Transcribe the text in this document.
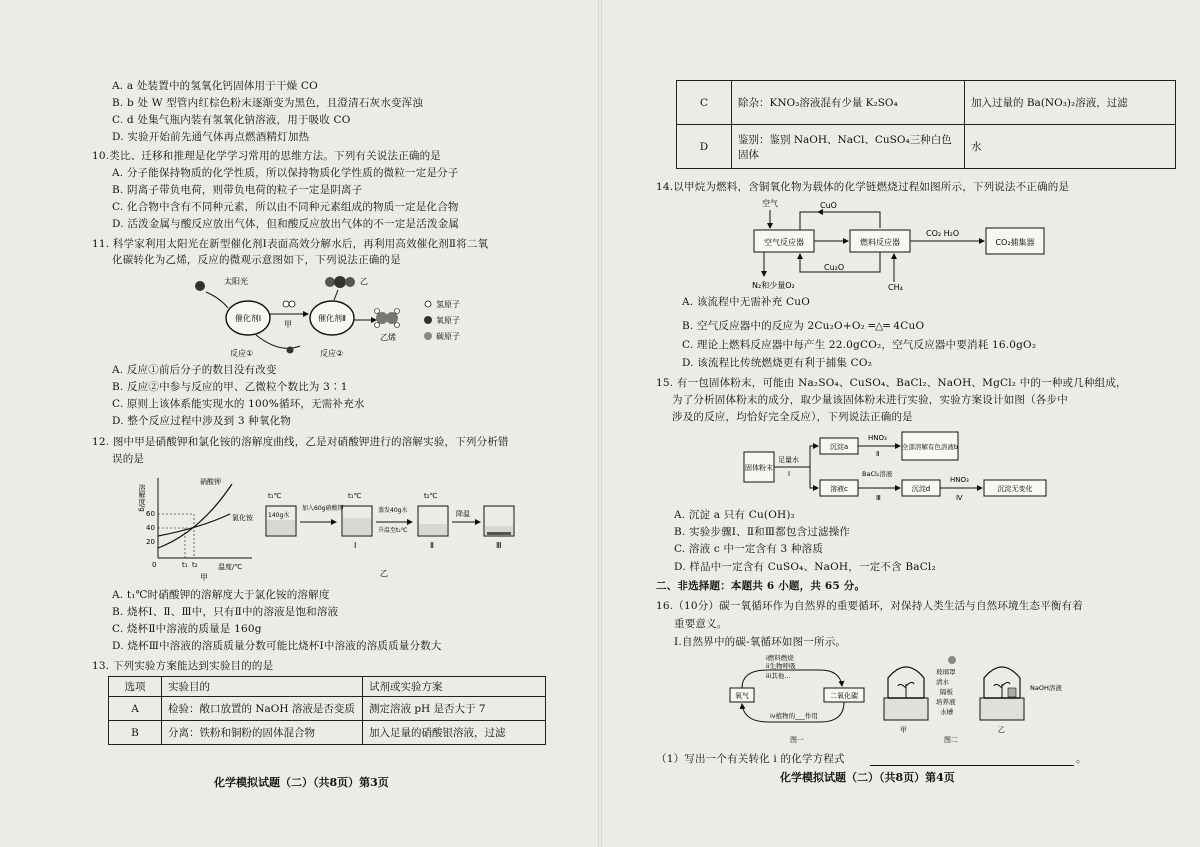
A. a 处装置中的氢氧化钙固体用于干燥 CO
B. b 处 W 型管内红棕色粉末逐渐变为黑色，且澄清石灰水变浑浊
C. d 处集气瓶内装有氢氧化钠溶液，用于吸收 CO
D. 实验开始前先通气体再点燃酒精灯加热
10.类比、迁移和推理是化学学习常用的思维方法。下列有关说法正确的是
A. 分子能保持物质的化学性质，所以保持物质化学性质的微粒一定是分子
B. 阴离子带负电荷，则带负电荷的粒子一定是阴离子
C. 化合物中含有不同种元素，所以由不同种元素组成的物质一定是化合物
D. 活泼金属与酸反应放出气体，但和酸反应放出气体的不一定是活泼金属
11. 科学家利用太阳光在新型催化剂Ⅰ表面高效分解水后，再利用高效催化剂Ⅱ将二氧
化碳转化为乙烯，反应的微观示意图如下，下列说法正确的是
太阳光
催化剂Ⅰ	催化剂Ⅱ
甲
乙
乙烯
反应①	反应②
氢原子
氧原子
碳原子
A. 反应①前后分子的数目没有改变
B. 反应②中参与反应的甲、乙微粒个数比为 3∶1
C. 原则上该体系能实现水的 100%循环，无需补充水
D. 整个反应过程中涉及到 3 种氧化物
12. 图中甲是硝酸钾和氯化铵的溶解度曲线，乙是对硝酸钾进行的溶解实验，下列分析错
误的是
溶解度/g
温度/℃
60
40
20
0	t₁ t₂
硝酸钾
氯化铵
甲
t₁℃
140g水
加入60g硝酸钾
t₁℃
Ⅰ
蒸发40g水
升温至t₂℃
t₂℃
Ⅱ
降温
Ⅲ
乙
A. t₁℃时硝酸钾的溶解度大于氯化铵的溶解度
B. 烧杯Ⅰ、Ⅱ、Ⅲ中，只有Ⅱ中的溶液是饱和溶液
C. 烧杯Ⅱ中溶液的质量是 160g
D. 烧杯Ⅲ中溶液的溶质质量分数可能比烧杯Ⅰ中溶液的溶质质量分数大
13. 下列实验方案能达到实验目的的是
选项	实验目的	试剂或实验方案
A	检验：敞口放置的 NaOH 溶液是否变质	测定溶液 pH 是否大于 7
B	分离：铁粉和铜粉的固体混合物	加入足量的硝酸银溶液，过滤
化学模拟试题（二）（共8页）第3页
C	除杂：KNO₃溶液混有少量 K₂SO₄	加入过量的 Ba(NO₃)₂溶液，过滤
D	鉴别：鉴别 NaOH、NaCl、CuSO₄三种白色固体	水
14.以甲烷为燃料，含铜氧化物为载体的化学链燃烧过程如图所示，下列说法不正确的是
空气
空气反应器	燃料反应器
CuO
Cu₂O
N₂和少量O₂	CH₄
CO₂ H₂O
CO₂捕集器
A. 该流程中无需补充 CuO
B. 空气反应器中的反应为 2Cu₂O+O₂ ═△═ 4CuO
C. 理论上燃料反应器中每产生 22.0gCO₂，空气反应器中要消耗 16.0gO₂
D. 该流程比传统燃烧更有利于捕集 CO₂
15. 有一包固体粉末，可能由 Na₂SO₄、CuSO₄、BaCl₂、NaOH、MgCl₂ 中的一种或几种组成，
为了分析固体粉末的成分，取少量该固体粉末进行实验，实验方案设计如图（各步中
涉及的反应，均恰好完全反应），下列说法正确的是
固体粉末
足量水
Ⅰ
沉淀a
HNO₃
Ⅱ
全部溶解有色溶液b
溶液c
BaCl₂溶液
Ⅲ
沉淀d
HNO₃
Ⅳ
沉淀无变化
A. 沉淀 a 只有 Cu(OH)₂
B. 实验步骤Ⅰ、Ⅱ和Ⅲ都包含过滤操作
C. 溶液 c 中一定含有 3 种溶质
D. 样品中一定含有 CuSO₄、NaOH，一定不含 BaCl₂
二、非选择题：本题共 6 小题，共 65 分。
16.（10分）碳一氧循环作为自然界的重要循环，对保持人类生活与自然环境生态平衡有着
重要意义。
Ⅰ.自然界中的碳-氧循环如图一所示。
氧气	二氧化碳
i燃料燃烧
ii生物呼吸
iii其他…
iv植物的___作用
图一
玻璃罩
清水
隔板
培养液
水槽
NaOH溶液
甲	乙
图二
（1）写出一个有关转化 i 的化学方程式	。
化学模拟试题（二）（共8页）第4页
